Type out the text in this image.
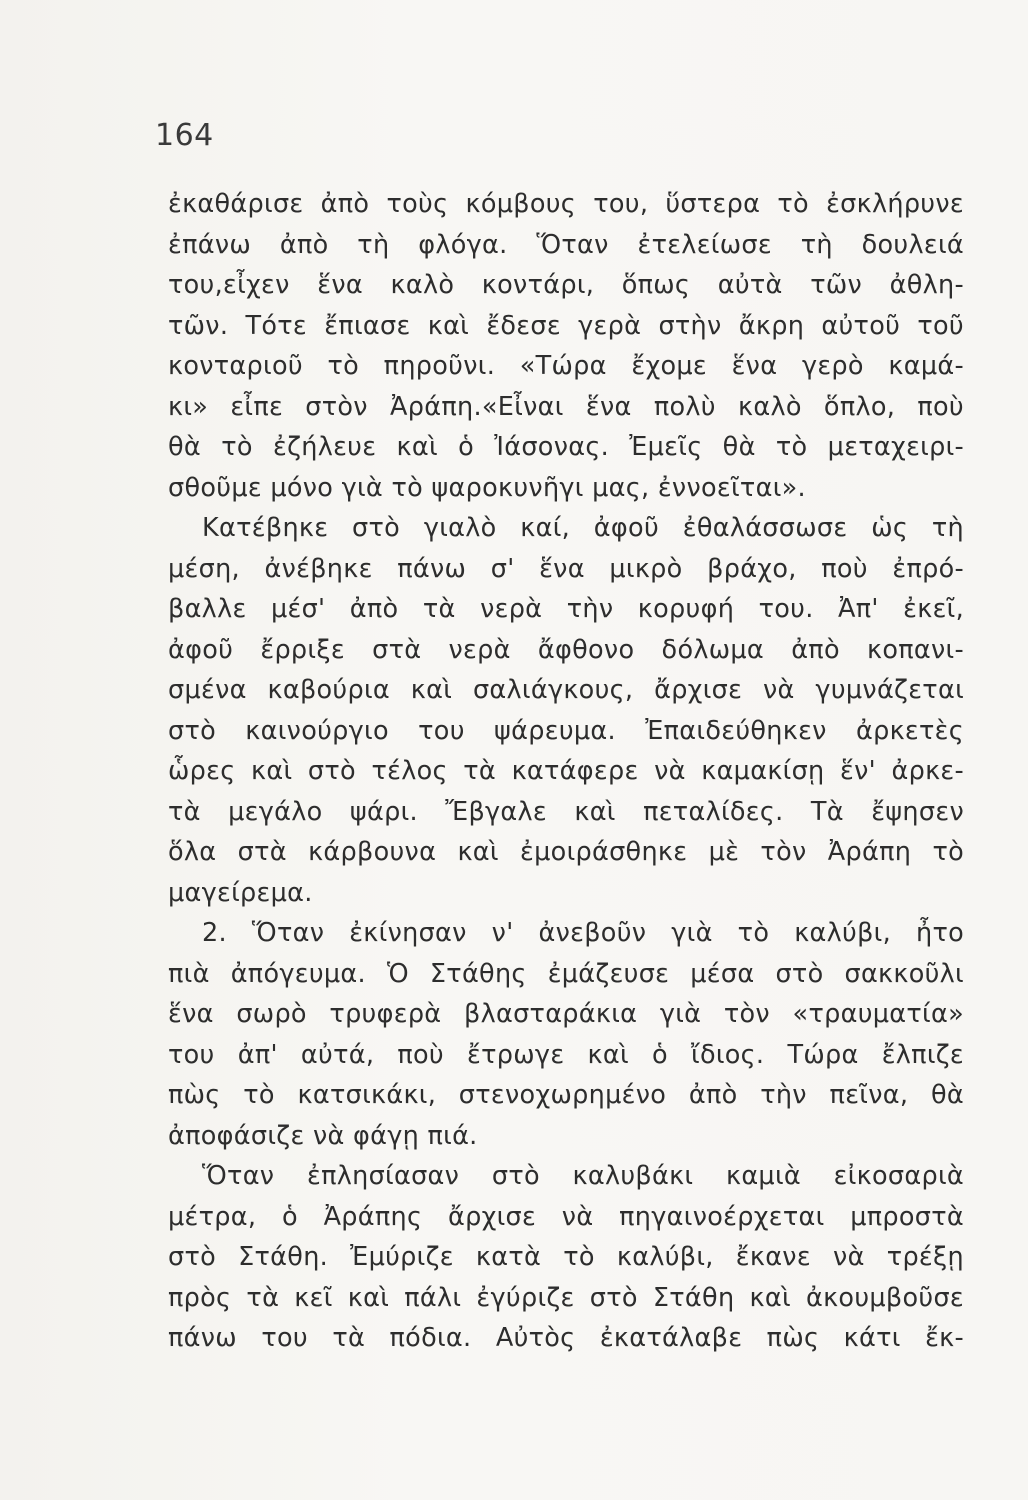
164
ἐκαθάρισε ἀπὸ τοὺς κόμβους του, ὕστερα τὸ ἐσκλήρυνε
ἐπάνω ἀπὸ τὴ φλόγα. Ὅταν ἐτελείωσε τὴ δουλειά
του,εἶχεν ἕνα καλὸ κοντάρι, ὅπως αὐτὰ τῶν ἀθλη-
τῶν. Τότε ἔπιασε καὶ ἔδεσε γερὰ στὴν ἄκρη αὐτοῦ τοῦ
κονταριοῦ τὸ πηροῦνι. «Τώρα ἔχομε ἕνα γερὸ καμά-
κι» εἶπε στὸν Ἀράπη.«Εἶναι ἕνα πολὺ καλὸ ὅπλο, ποὺ
θὰ τὸ ἐζήλευε καὶ ὁ Ἰάσονας. Ἐμεῖς θὰ τὸ μεταχειρι-
σθοῦμε μόνο γιὰ τὸ ψαροκυνῆγι μας, ἐννοεῖται».
Κατέβηκε στὸ γιαλὸ καί, ἀφοῦ ἐθαλάσσωσε ὡς τὴ
μέση, ἀνέβηκε πάνω σ' ἕνα μικρὸ βράχο, ποὺ ἐπρό-
βαλλε μέσ' ἀπὸ τὰ νερὰ τὴν κορυφή του. Ἀπ' ἐκεῖ,
ἀφοῦ ἔρριξε στὰ νερὰ ἄφθονο δόλωμα ἀπὸ κοπανι-
σμένα καβούρια καὶ σαλιάγκους, ἄρχισε νὰ γυμνάζεται
στὸ καινούργιο του ψάρευμα. Ἐπαιδεύθηκεν ἀρκετὲς
ὧρες καὶ στὸ τέλος τὰ κατάφερε νὰ καμακίσῃ ἕν' ἀρκε-
τὰ μεγάλο ψάρι. Ἔβγαλε καὶ πεταλίδες. Τὰ ἔψησεν
ὅλα στὰ κάρβουνα καὶ ἐμοιράσθηκε μὲ τὸν Ἀράπη τὸ
μαγείρεμα.
2. Ὅταν ἐκίνησαν ν' ἀνεβοῦν γιὰ τὸ καλύβι, ἦτο
πιὰ ἀπόγευμα. Ὁ Στάθης ἐμάζευσε μέσα στὸ σακκοῦλι
ἕνα σωρὸ τρυφερὰ βλασταράκια γιὰ τὸν «τραυματία»
του ἀπ' αὐτά, ποὺ ἔτρωγε καὶ ὁ ἴδιος. Τώρα ἔλπιζε
πὼς τὸ κατσικάκι, στενοχωρημένο ἀπὸ τὴν πεῖνα, θὰ
ἀποφάσιζε νὰ φάγῃ πιά.
Ὅταν ἐπλησίασαν στὸ καλυβάκι καμιὰ εἰκοσαριὰ
μέτρα, ὁ Ἀράπης ἄρχισε νὰ πηγαινοέρχεται μπροστὰ
στὸ Στάθη. Ἐμύριζε κατὰ τὸ καλύβι, ἔκανε νὰ τρέξῃ
πρὸς τὰ κεῖ καὶ πάλι ἐγύριζε στὸ Στάθη καὶ ἀκουμβοῦσε
πάνω του τὰ πόδια. Αὐτὸς ἐκατάλαβε πὼς κάτι ἔκ-
